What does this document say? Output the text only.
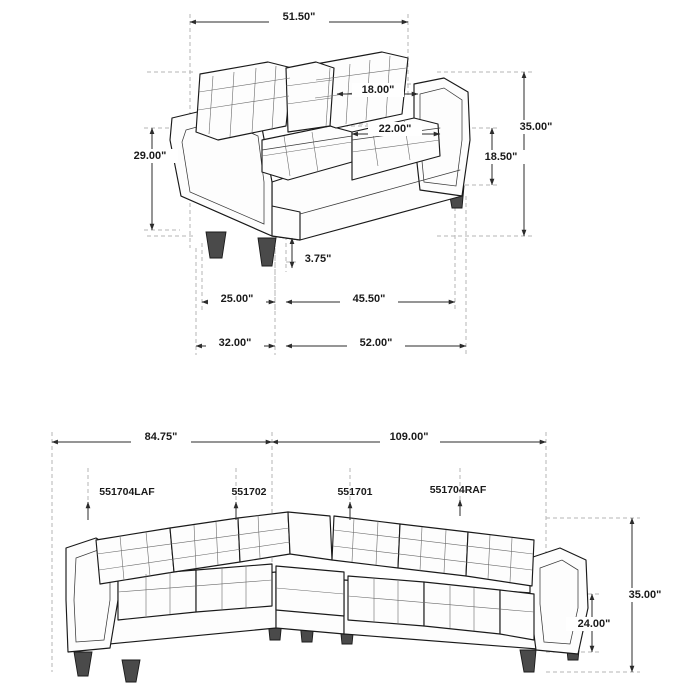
51.50"
18.00"
22.00"	35.00"
18.50"
29.00"
3.75"
25.00"	45.50"
32.00"	52.00"
84.75"	109.00"
35.00"
24.00"
551704LAF	551702	551701	551704RAF
